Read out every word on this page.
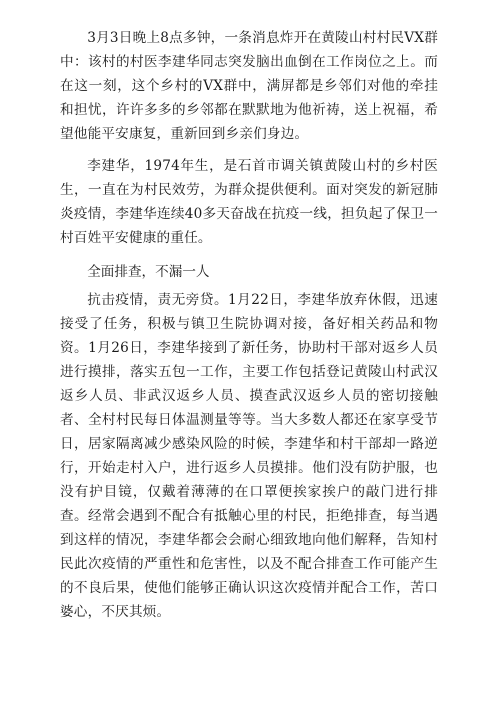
3月3日晚上8点多钟，一条消息炸开在黄陵山村村民VX群中：该村的村医李建华同志突发脑出血倒在工作岗位之上。而在这一刻，这个乡村的VX群中，满屏都是乡邻们对他的牵挂和担忧，许许多多的乡邻都在默默地为他祈祷，送上祝福，希望他能平安康复，重新回到乡亲们身边。

李建华，1974年生，是石首市调关镇黄陵山村的乡村医生，一直在为村民效劳，为群众提供便利。面对突发的新冠肺炎疫情，李建华连续40多天奋战在抗疫一线，担负起了保卫一村百姓平安健康的重任。

全面排查，不漏一人

抗击疫情，责无旁贷。1月22日，李建华放弃休假，迅速接受了任务，积极与镇卫生院协调对接，备好相关药品和物资。1月26日，李建华接到了新任务，协助村干部对返乡人员进行摸排，落实五包一工作，主要工作包括登记黄陵山村武汉返乡人员、非武汉返乡人员、摸查武汉返乡人员的密切接触者、全村村民每日体温测量等等。当大多数人都还在家享受节日，居家隔离减少感染风险的时候，李建华和村干部却一路逆行，开始走村入户，进行返乡人员摸排。他们没有防护服，也没有护目镜，仅戴着薄薄的在口罩便挨家挨户的敲门进行排查。经常会遇到不配合有抵触心里的村民，拒绝排查，每当遇到这样的情况，李建华都会会耐心细致地向他们解释，告知村民此次疫情的严重性和危害性，以及不配合排查工作可能产生的不良后果，使他们能够正确认识这次疫情并配合工作，苦口婆心，不厌其烦。
